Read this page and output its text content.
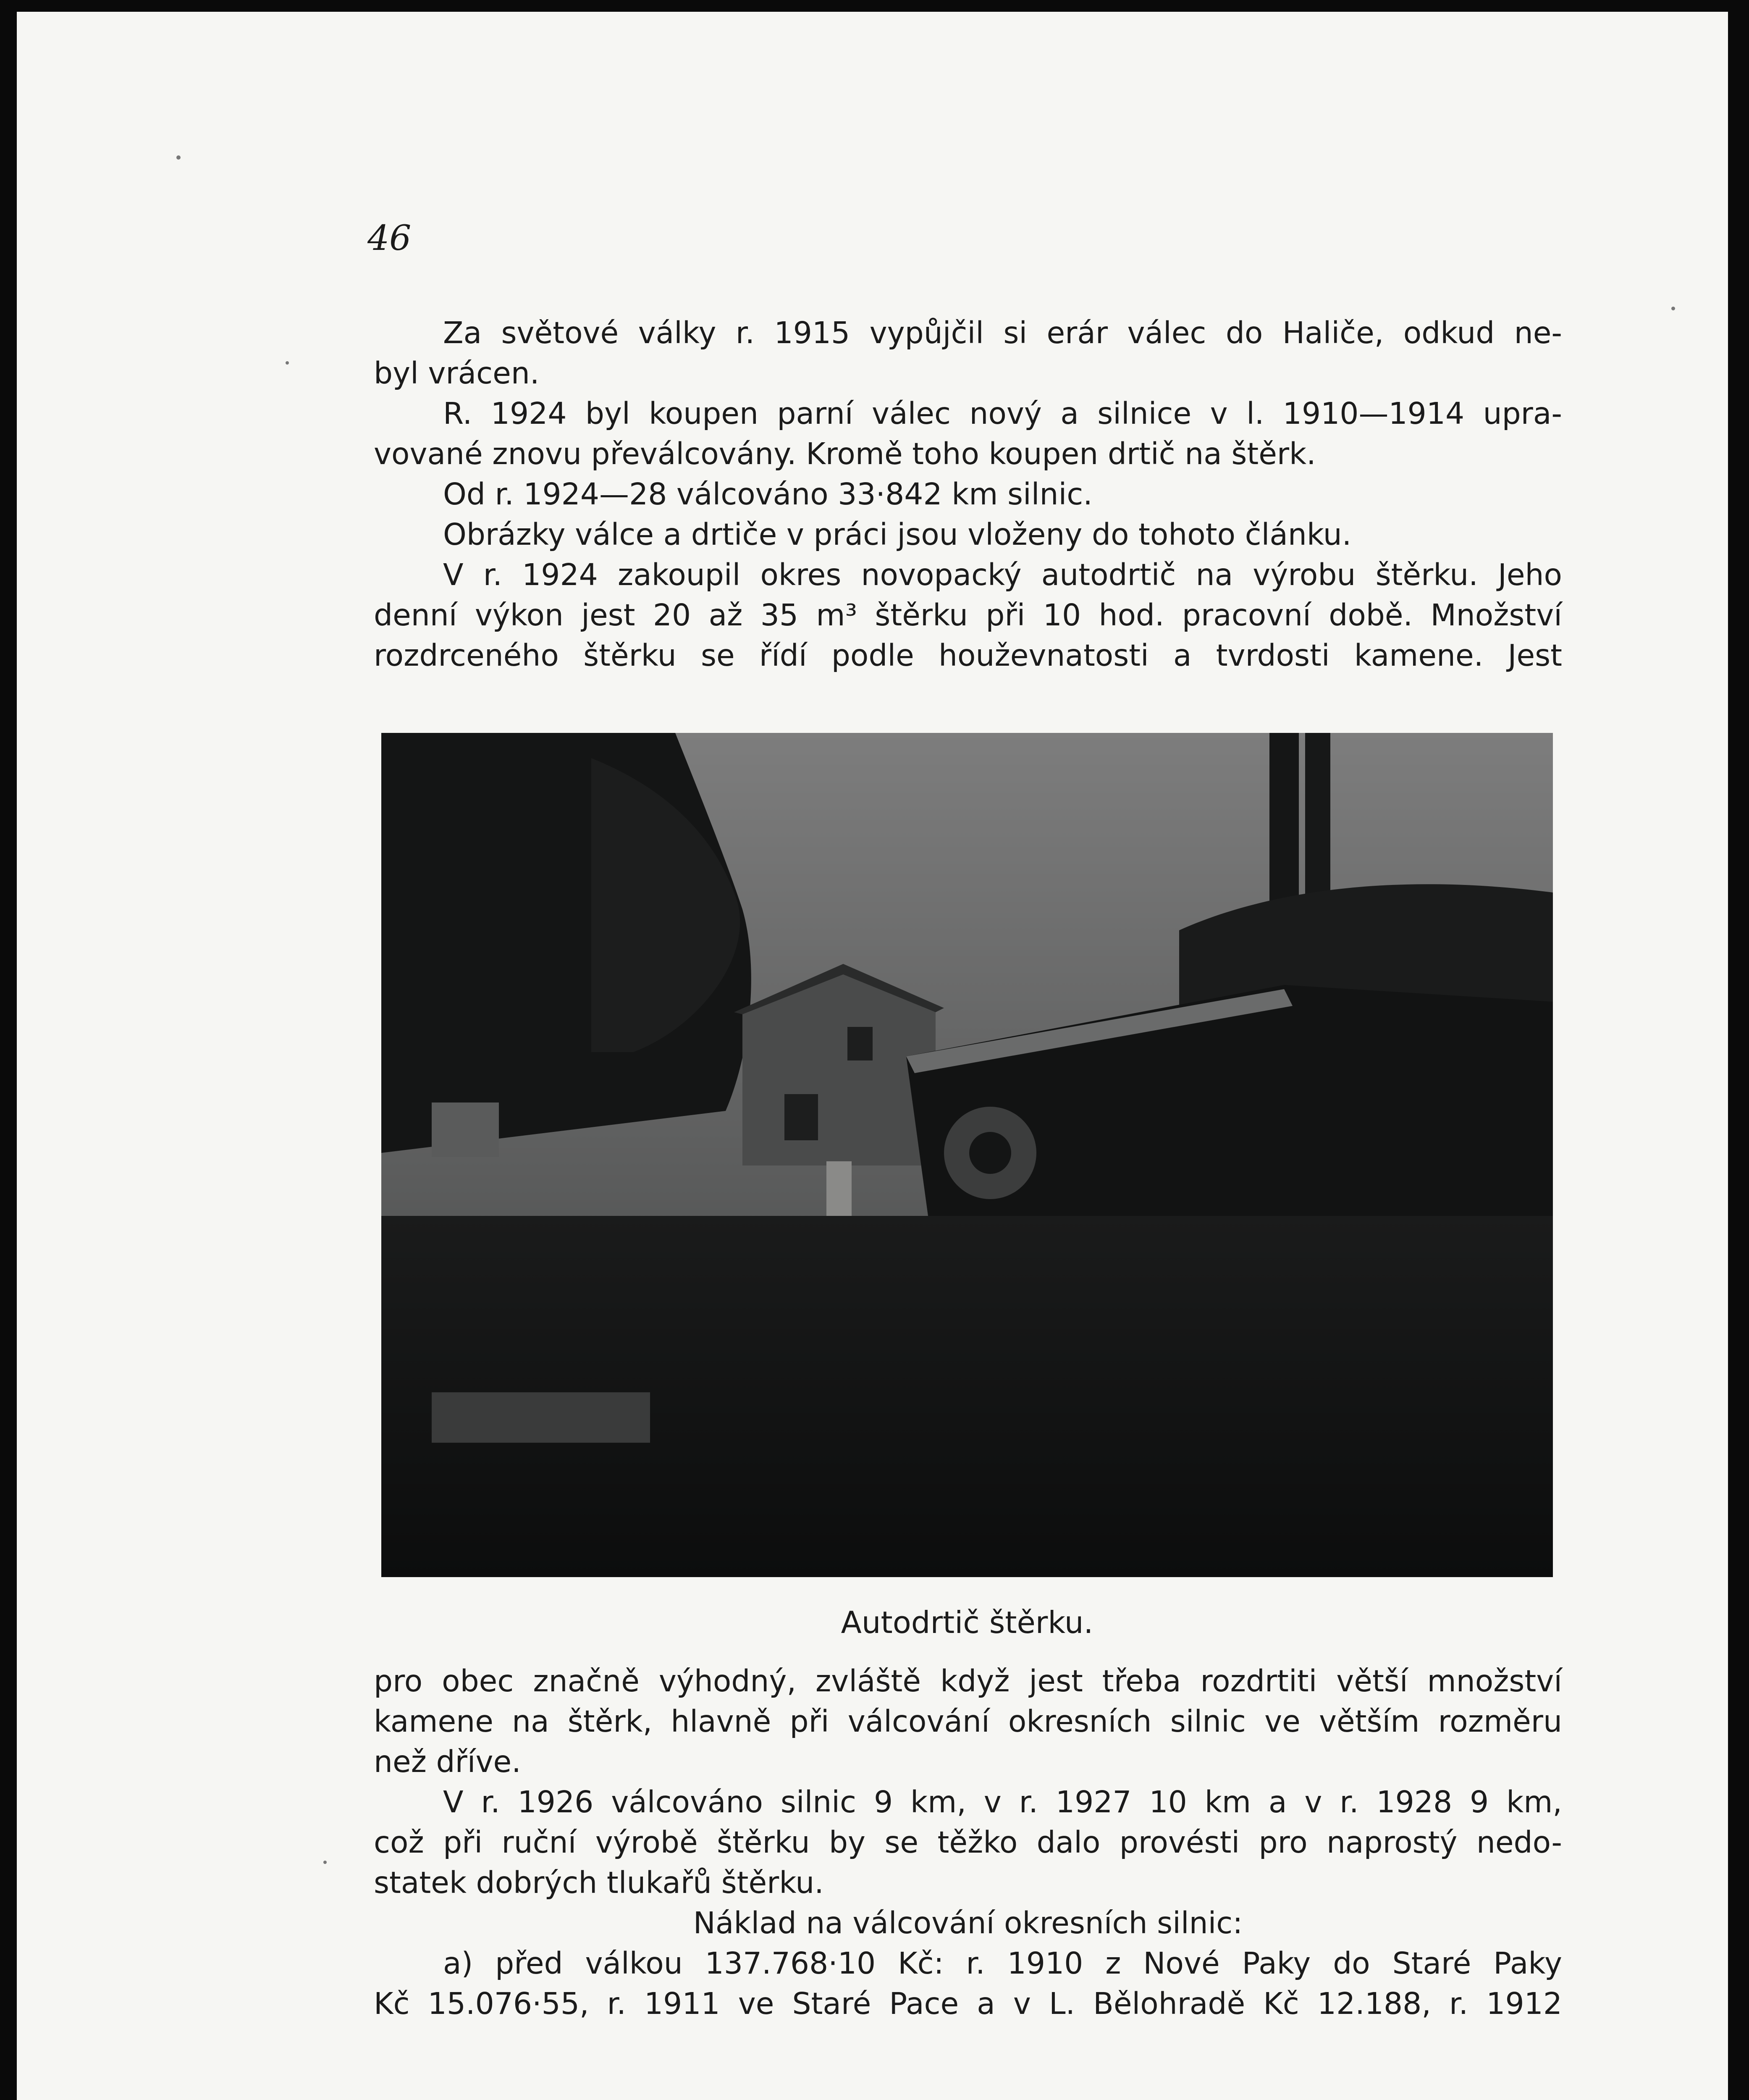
46
Za světové války r. 1915 vypůjčil si erár válec do Haliče, odkud ne-
byl vrácen.
R. 1924 byl koupen parní válec nový a silnice v l. 1910—1914 upra-
vované znovu převálcovány. Kromě toho koupen drtič na štěrk.
Od r. 1924—28 válcováno 33·842 km silnic.
Obrázky válce a drtiče v práci jsou vloženy do tohoto článku.
V r. 1924 zakoupil okres novopacký autodrtič na výrobu štěrku. Jeho
denní výkon jest 20 až 35 m³ štěrku při 10 hod. pracovní době. Množství
rozdrceného štěrku se řídí podle houževnatosti a tvrdosti kamene. Jest
Autodrtič štěrku.
pro obec značně výhodný, zvláště když jest třeba rozdrtiti větší množství
kamene na štěrk, hlavně při válcování okresních silnic ve větším rozměru
než dříve.
V r. 1926 válcováno silnic 9 km, v r. 1927 10 km a v r. 1928 9 km,
což při ruční výrobě štěrku by se těžko dalo provésti pro naprostý nedo-
statek dobrých tlukařů štěrku.
Náklad na válcování okresních silnic:
a) před válkou 137.768·10 Kč: r. 1910 z Nové Paky do Staré Paky
Kč 15.076·55, r. 1911 ve Staré Pace a v L. Bělohradě Kč 12.188, r. 1912
